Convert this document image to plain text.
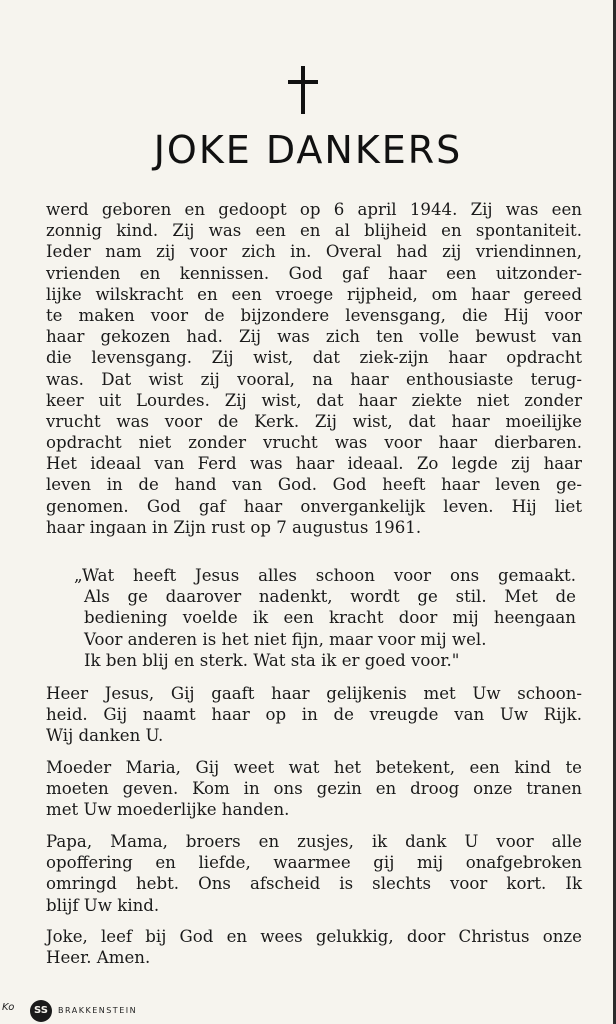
JOKE DANKERS
werd geboren en gedoopt op 6 april 1944. Zij was een
zonnig kind. Zij was een en al blijheid en spontaniteit.
Ieder nam zij voor zich in. Overal had zij vriendinnen,
vrienden en kennissen. God gaf haar een uitzonder-
lijke wilskracht en een vroege rijpheid, om haar gereed
te maken voor de bijzondere levensgang, die Hij voor
haar gekozen had. Zij was zich ten volle bewust van
die levensgang. Zij wist, dat ziek-zijn haar opdracht
was. Dat wist zij vooral, na haar enthousiaste terug-
keer uit Lourdes. Zij wist, dat haar ziekte niet zonder
vrucht was voor de Kerk. Zij wist, dat haar moeilijke
opdracht niet zonder vrucht was voor haar dierbaren.
Het ideaal van Ferd was haar ideaal. Zo legde zij haar
leven in de hand van God. God heeft haar leven ge-
genomen. God gaf haar onvergankelijk leven. Hij liet
haar ingaan in Zijn rust op 7 augustus 1961.
„Wat heeft Jesus alles schoon voor ons gemaakt.
Als ge daarover nadenkt, wordt ge stil. Met de
bediening voelde ik een kracht door mij heengaan
Voor anderen is het niet fijn, maar voor mij wel.
Ik ben blij en sterk. Wat sta ik er goed voor."
Heer Jesus, Gij gaaft haar gelijkenis met Uw schoon-
heid. Gij naamt haar op in de vreugde van Uw Rijk.
Wij danken U.
Moeder Maria, Gij weet wat het betekent, een kind te
moeten geven. Kom in ons gezin en droog onze tranen
met Uw moederlijke handen.
Papa, Mama, broers en zusjes, ik dank U voor alle
opoffering en liefde, waarmee gij mij onafgebroken
omringd hebt. Ons afscheid is slechts voor kort. Ik
blijf Uw kind.
Joke, leef bij God en wees gelukkig, door Christus onze
Heer. Amen.
Ko	SS	BRAKKENSTEIN
